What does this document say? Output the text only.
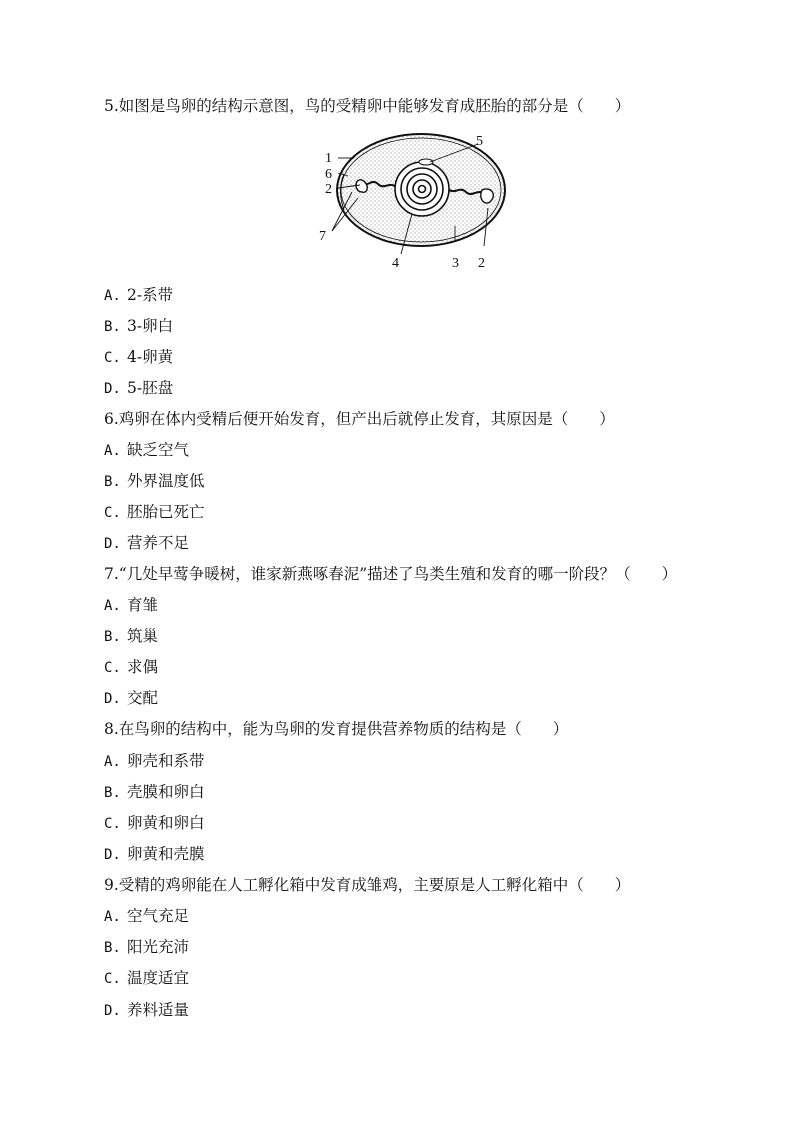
5.如图是鸟卵的结构示意图，鸟的受精卵中能够发育成胚胎的部分是（　　）
1
6
2
7
5
4	3 2
A. 2-系带
B. 3-卵白
C. 4-卵黄
D. 5-胚盘
6.鸡卵在体内受精后便开始发育，但产出后就停止发育，其原因是（　　）
A. 缺乏空气
B. 外界温度低
C. 胚胎已死亡
D. 营养不足
7.“几处早莺争暖树，谁家新燕啄春泥”描述了鸟类生殖和发育的哪一阶段？（　　）
A. 育雏
B. 筑巢
C. 求偶
D. 交配
8.在鸟卵的结构中，能为鸟卵的发育提供营养物质的结构是（　　）
A. 卵壳和系带
B. 壳膜和卵白
C. 卵黄和卵白
D. 卵黄和壳膜
9.受精的鸡卵能在人工孵化箱中发育成雏鸡，主要原是人工孵化箱中（　　）
A. 空气充足
B. 阳光充沛
C. 温度适宜
D. 养料适量
